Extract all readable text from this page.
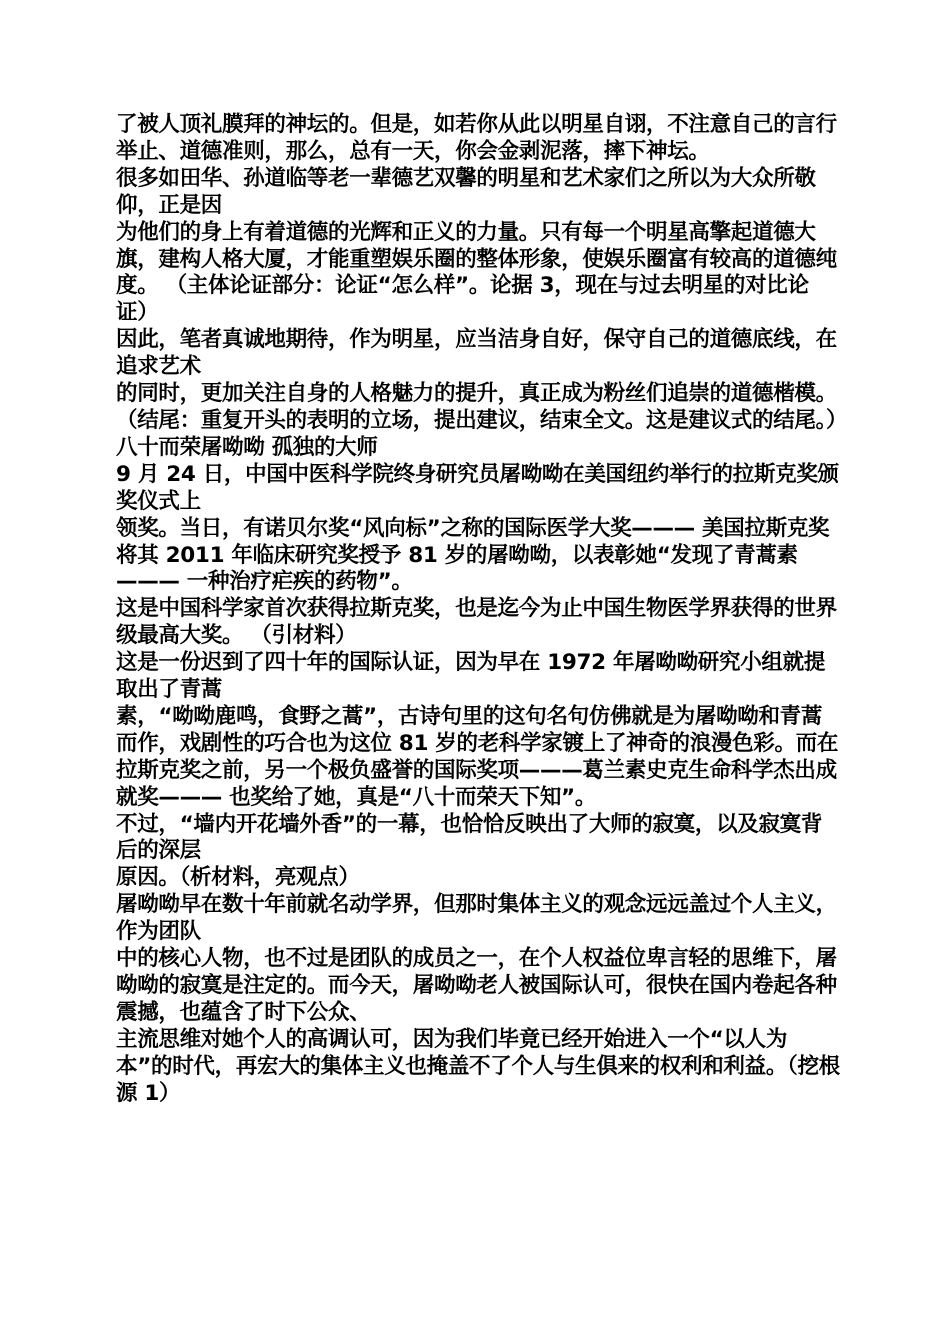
了被人顶礼膜拜的神坛的。但是，如若你从此以明星自诩，不注意自己的言行举止、道德准则，那么，总有一天，你会金剥泥落，摔下神坛。

很多如田华、孙道临等老一辈德艺双馨的明星和艺术家们之所以为大众所敬仰，正是因

为他们的身上有着道德的光辉和正义的力量。只有每一个明星高擎起道德大旗，建构人格大厦，才能重塑娱乐圈的整体形象，使娱乐圈富有较高的道德纯度。 （主体论证部分：论证“怎么样”。论据 3，现在与过去明星的对比论证）

因此，笔者真诚地期待，作为明星，应当洁身自好，保守自己的道德底线，在追求艺术

的同时，更加关注自身的人格魅力的提升，真正成为粉丝们追崇的道德楷模。 （结尾：重复开头的表明的立场，提出建议，结束全文。这是建议式的结尾。）

八十而荣屠呦呦 孤独的大师

9 月 24 日，中国中医科学院终身研究员屠呦呦在美国纽约举行的拉斯克奖颁奖仪式上

领奖。当日，有诺贝尔奖“风向标”之称的国际医学大奖——— 美国拉斯克奖将其 2011 年临床研究奖授予 81 岁的屠呦呦，以表彰她“发现了青蒿素——— 一种治疗疟疾的药物”。

这是中国科学家首次获得拉斯克奖，也是迄今为止中国生物医学界获得的世界级最高大奖。 （引材料）

这是一份迟到了四十年的国际认证，因为早在 1972 年屠呦呦研究小组就提取出了青蒿

素，“呦呦鹿鸣，食野之蒿”，古诗句里的这句名句仿佛就是为屠呦呦和青蒿而作，戏剧性的巧合也为这位 81 岁的老科学家镀上了神奇的浪漫色彩。而在拉斯克奖之前，另一个极负盛誉的国际奖项———葛兰素史克生命科学杰出成就奖——— 也奖给了她，真是“八十而荣天下知”。

不过，“墙内开花墙外香”的一幕，也恰恰反映出了大师的寂寞，以及寂寞背后的深层

原因。（析材料，亮观点）

屠呦呦早在数十年前就名动学界，但那时集体主义的观念远远盖过个人主义，作为团队

中的核心人物，也不过是团队的成员之一，在个人权益位卑言轻的思维下，屠呦呦的寂寞是注定的。而今天，屠呦呦老人被国际认可，很快在国内卷起各种震撼，也蕴含了时下公众、

主流思维对她个人的高调认可，因为我们毕竟已经开始进入一个“以人为本”的时代，再宏大的集体主义也掩盖不了个人与生俱来的权利和利益。（挖根源 1）
